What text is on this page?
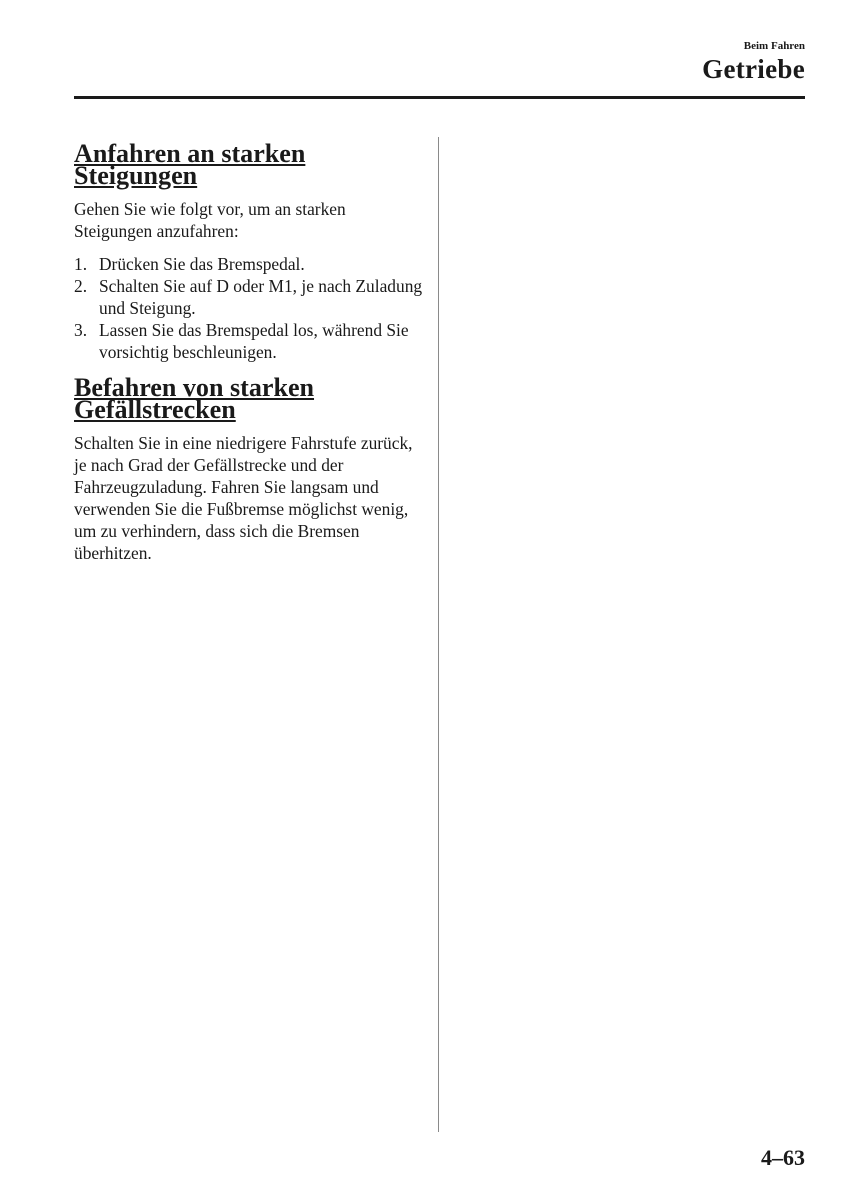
Beim Fahren
Getriebe
Anfahren an starken Steigungen

Gehen Sie wie folgt vor, um an starken Steigungen anzufahren:

1. Drücken Sie das Bremspedal.
2. Schalten Sie auf D oder M1, je nach Zuladung und Steigung.
3. Lassen Sie das Bremspedal los, während Sie vorsichtig beschleunigen.
Befahren von starken Gefällstrecken

Schalten Sie in eine niedrigere Fahrstufe zurück, je nach Grad der Gefällstrecke und der Fahrzeugzuladung. Fahren Sie langsam und verwenden Sie die Fußbremse möglichst wenig, um zu verhindern, dass sich die Bremsen überhitzen.

4–63
